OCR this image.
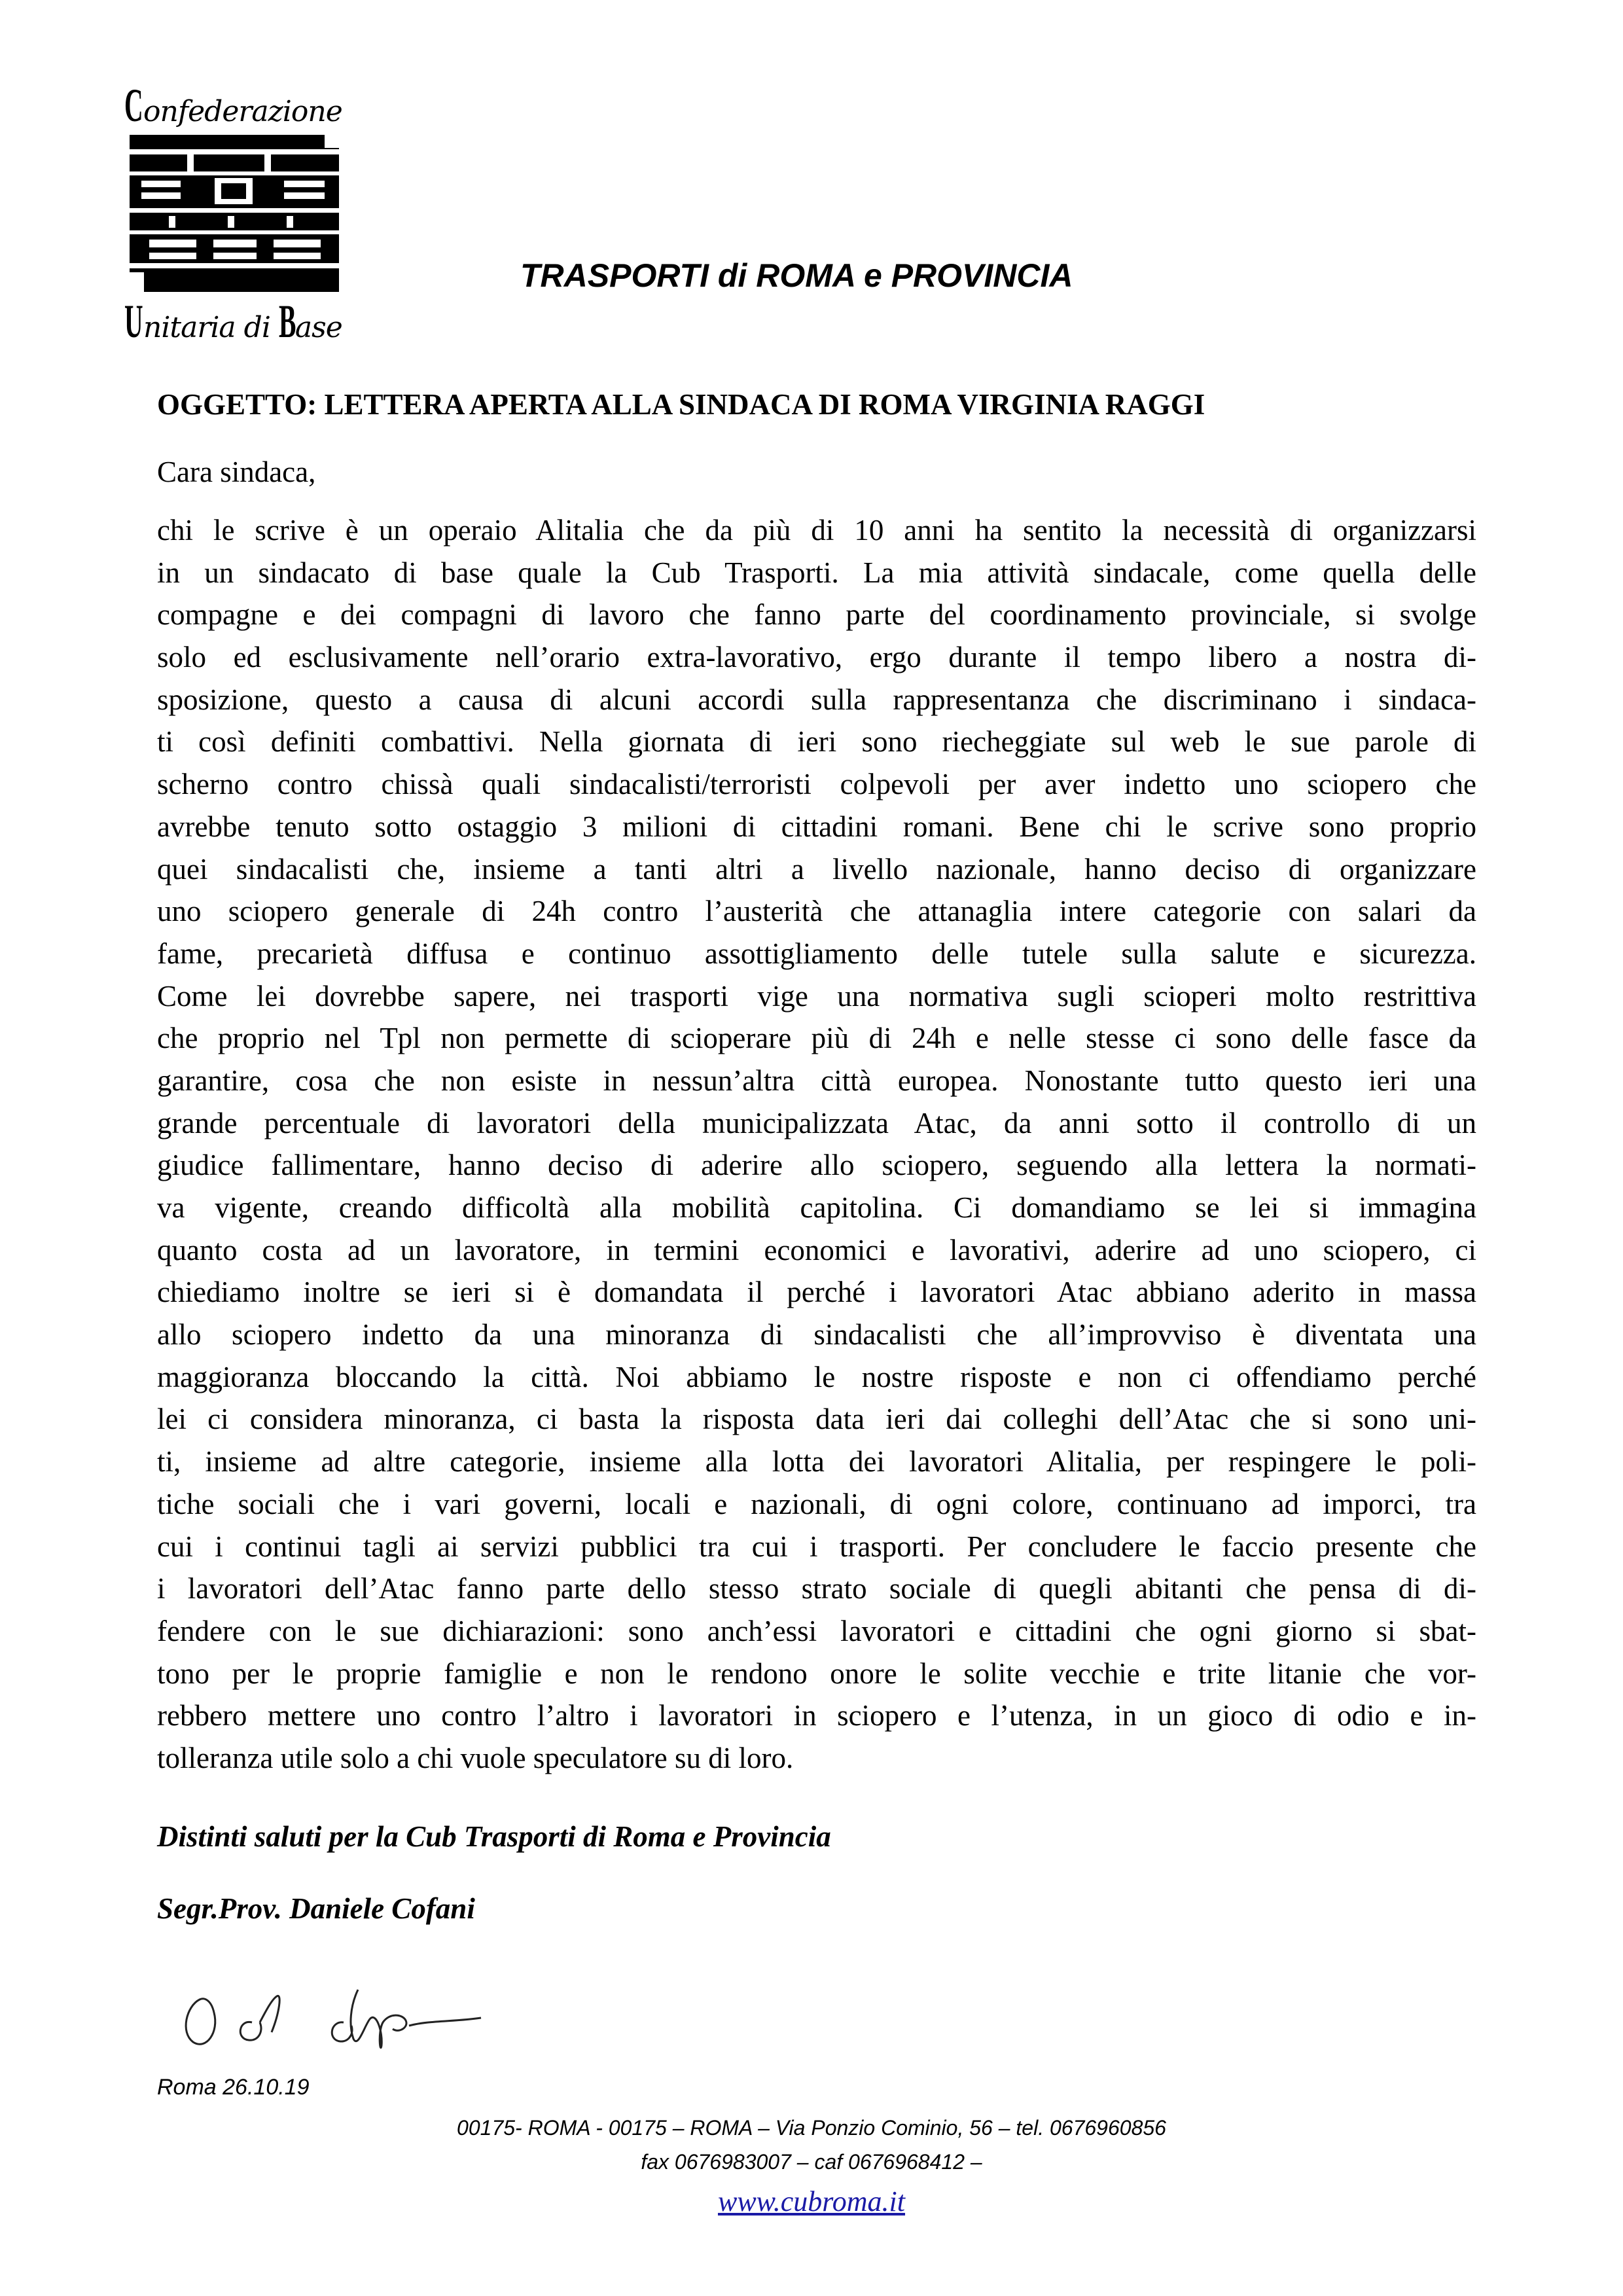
Confederazione
Unitaria di Base
TRASPORTI di ROMA e PROVINCIA
OGGETTO: LETTERA APERTA ALLA SINDACA DI ROMA VIRGINIA RAGGI
Cara sindaca,
chi le scrive è un operaio Alitalia che da più di 10 anni ha sentito la necessità di organizzarsi
in un sindacato di base quale la Cub Trasporti. La mia attività sindacale, come quella delle
compagne e dei compagni di lavoro che fanno parte del coordinamento provinciale, si svolge
solo ed esclusivamente nell’orario extra-lavorativo, ergo durante il tempo libero a nostra di-
sposizione, questo a causa di alcuni accordi sulla rappresentanza che discriminano i sindaca-
ti così definiti combattivi. Nella giornata di ieri sono riecheggiate sul web le sue parole di
scherno contro chissà quali sindacalisti/terroristi colpevoli per aver indetto uno sciopero che
avrebbe tenuto sotto ostaggio 3 milioni di cittadini romani. Bene chi le scrive sono proprio
quei sindacalisti che, insieme a tanti altri a livello nazionale, hanno deciso di organizzare
uno sciopero generale di 24h contro l’austerità che attanaglia intere categorie con salari da
fame, precarietà diffusa e continuo assottigliamento delle tutele sulla salute e sicurezza.
Come lei dovrebbe sapere, nei trasporti vige una normativa sugli scioperi molto restrittiva
che proprio nel Tpl non permette di scioperare più di 24h e nelle stesse ci sono delle fasce da
garantire, cosa che non esiste in nessun’altra città europea. Nonostante tutto questo ieri una
grande percentuale di lavoratori della municipalizzata Atac, da anni sotto il controllo di un
giudice fallimentare, hanno deciso di aderire allo sciopero, seguendo alla lettera la normati-
va vigente, creando difficoltà alla mobilità capitolina. Ci domandiamo se lei si immagina
quanto costa ad un lavoratore, in termini economici e lavorativi, aderire ad uno sciopero, ci
chiediamo inoltre se ieri si è domandata il perché i lavoratori Atac abbiano aderito in massa
allo sciopero indetto da una minoranza di sindacalisti che all’improvviso è diventata una
maggioranza bloccando la città. Noi abbiamo le nostre risposte e non ci offendiamo perché
lei ci considera minoranza, ci basta la risposta data ieri dai colleghi dell’Atac che si sono uni-
ti, insieme ad altre categorie, insieme alla lotta dei lavoratori Alitalia, per respingere le poli-
tiche sociali che i vari governi, locali e nazionali, di ogni colore, continuano ad imporci, tra
cui i continui tagli ai servizi pubblici tra cui i trasporti. Per concludere le faccio presente che
i lavoratori dell’Atac fanno parte dello stesso strato sociale di quegli abitanti che pensa di di-
fendere con le sue dichiarazioni: sono anch’essi lavoratori e cittadini che ogni giorno si sbat-
tono per le proprie famiglie e non le rendono onore le solite vecchie e trite litanie che vor-
rebbero mettere uno contro l’altro i lavoratori in sciopero e l’utenza, in un gioco di odio e in-
tolleranza utile solo a chi vuole speculatore su di loro.
Distinti saluti per la Cub Trasporti di Roma e Provincia
Segr.Prov. Daniele Cofani
Roma 26.10.19
00175- ROMA - 00175 – ROMA – Via Ponzio Cominio, 56 – tel. 0676960856
fax 0676983007 – caf 0676968412 –
www.cubroma.it
